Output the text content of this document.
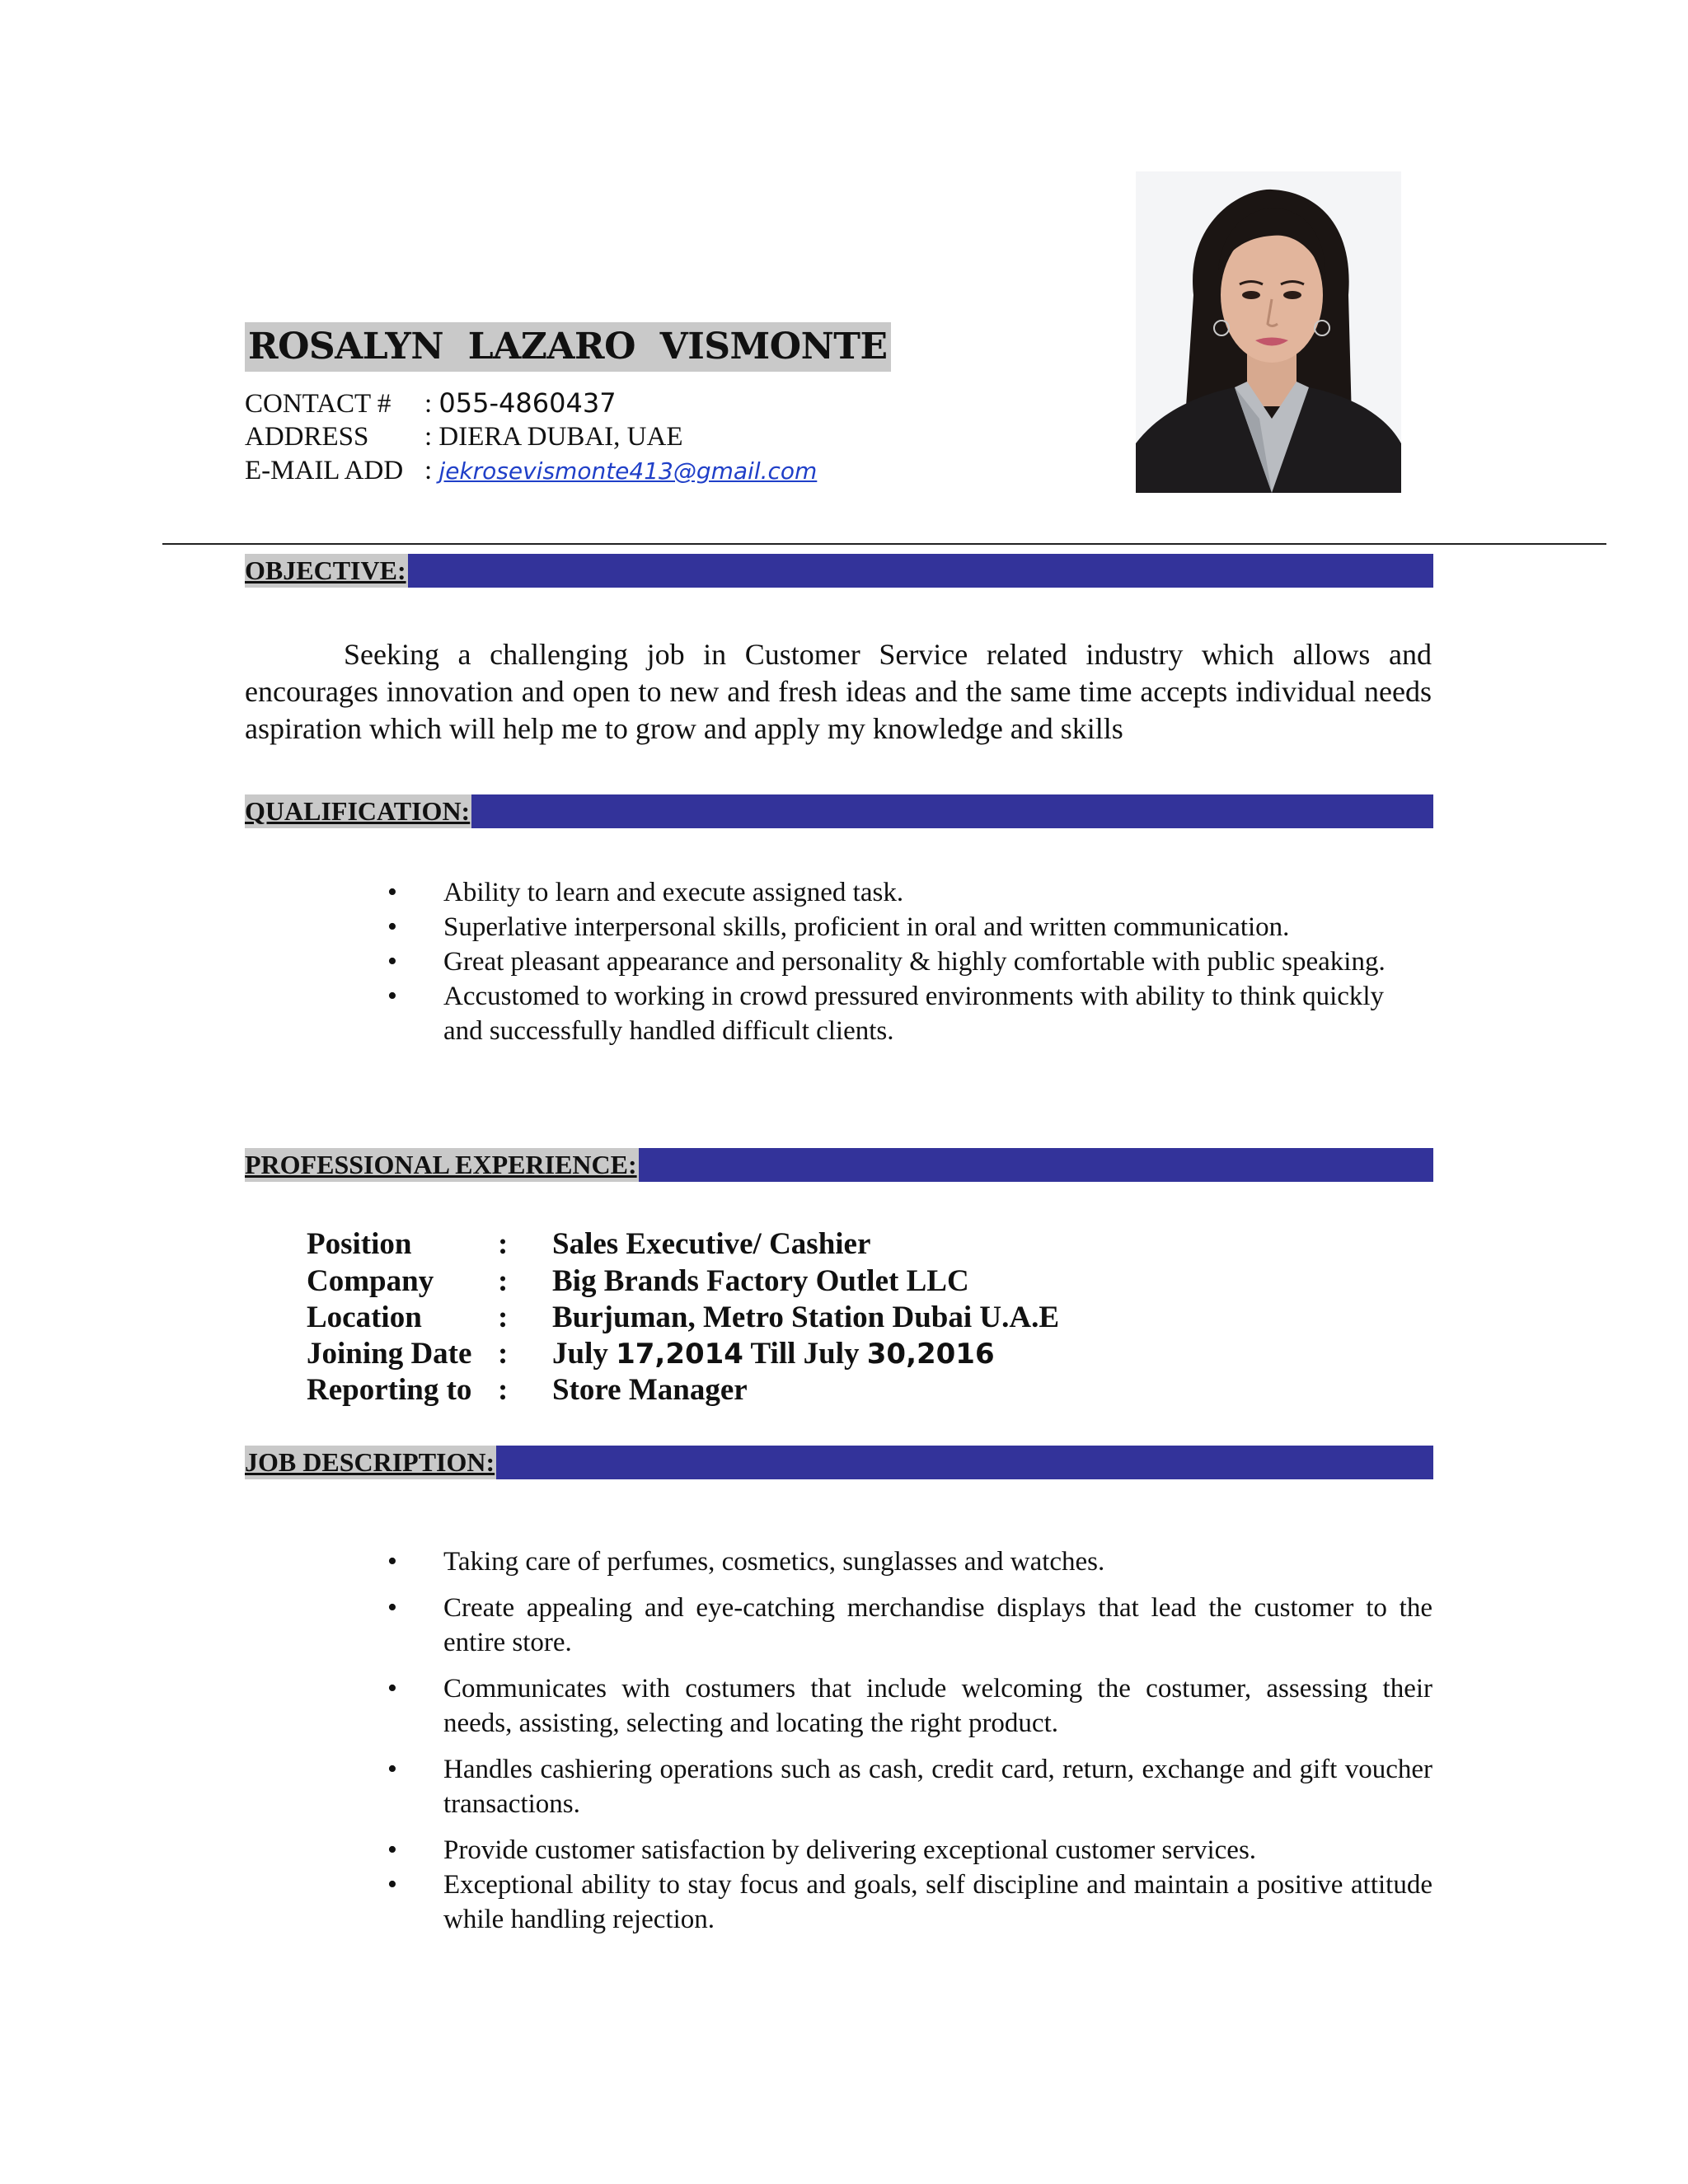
ROSALYN  LAZARO  VISMONTE
CONTACT # : 055-4860437
ADDRESS : DIERA DUBAI, UAE
E-MAIL ADD : jekrosevismonte413@gmail.com
OBJECTIVE:
Seeking a challenging job in Customer Service related industry which allows and encourages innovation and open to new and fresh ideas and the same time accepts individual needs aspiration which will help me to grow and apply my knowledge and skills
QUALIFICATION:
• Ability to learn and execute assigned task.
• Superlative interpersonal skills, proficient in oral and written communication.
• Great pleasant appearance and personality & highly comfortable with public speaking.
• Accustomed to working in crowd pressured environments with ability to think quickly and successfully handled difficult clients.
PROFESSIONAL EXPERIENCE:
Position	: Sales Executive/ Cashier
Company : Big Brands Factory Outlet LLC
Location : Burjuman, Metro Station Dubai U.A.E
Joining Date : July 17,2014 Till July 30,2016
Reporting to : Store Manager
JOB DESCRIPTION:
• Taking care of perfumes, cosmetics, sunglasses and watches.
• Create appealing and eye-catching merchandise displays that lead the customer to the entire store.
• Communicates with costumers that include welcoming the costumer, assessing their needs, assisting, selecting and locating the right product.
• Handles cashiering operations such as cash, credit card, return, exchange and gift voucher transactions.
• Provide customer satisfaction by delivering exceptional customer services.
• Exceptional ability to stay focus and goals, self discipline and maintain a positive attitude while handling rejection.
